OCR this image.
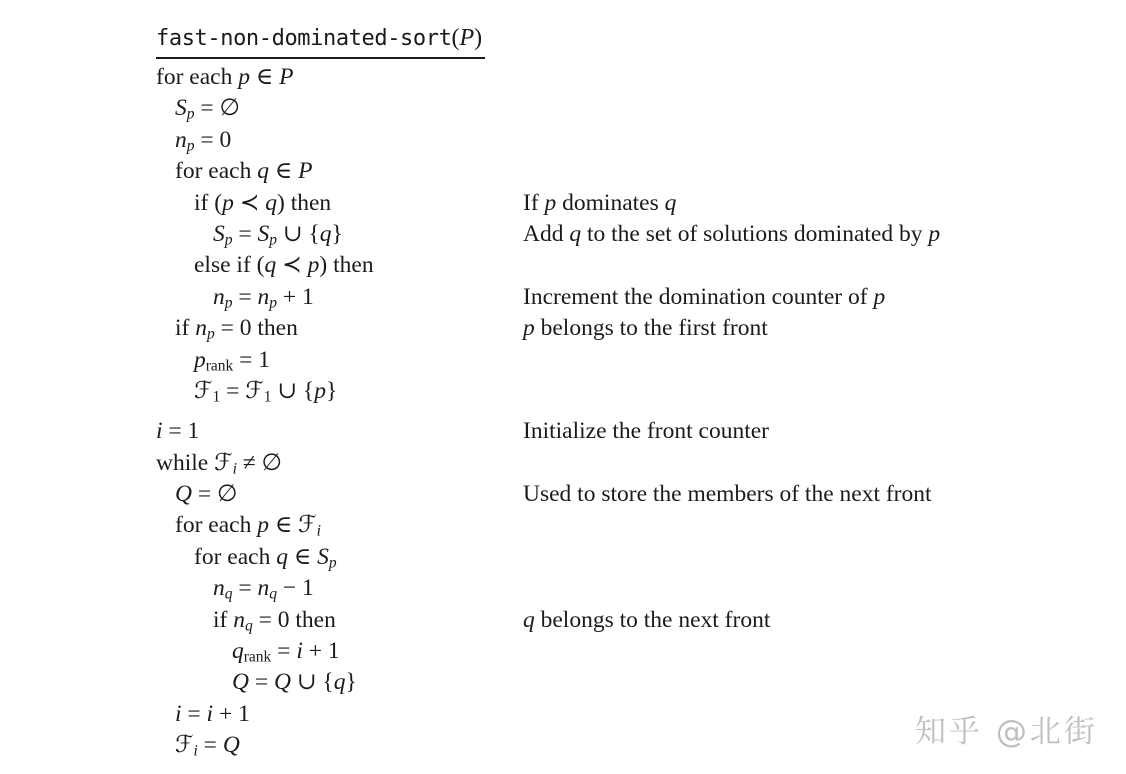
fast-non-dominated-sort(P)
for each p ∈ P
$S_p$ = ∅
$n_p = 0$
for each q ∈ P
if (p ≺ q) then	If p dominates q
$S_p = S_p$ ∪ {q}	Add q to the set of solutions dominated by p
else if (q ≺ p) then
$n_p = n_p + 1$	Increment the domination counter of p
if $n_p = 0$ then	p belongs to the first front
$p_{rank} = 1$
ℱ$_1$ = ℱ$_1$ ∪ {p}
i = 1	Initialize the front counter
while ℱ$_i$ ≠ ∅
Q = ∅	Used to store the members of the next front
for each p ∈ ℱ$_i$
for each q ∈ $S_p$
$n_q = n_q - 1$
if $n_q = 0$ then	q belongs to the next front
$q_{rank} = i + 1$
Q = Q ∪ {q}
i = i + 1
ℱ$_i$ = Q	知乎 @北街
